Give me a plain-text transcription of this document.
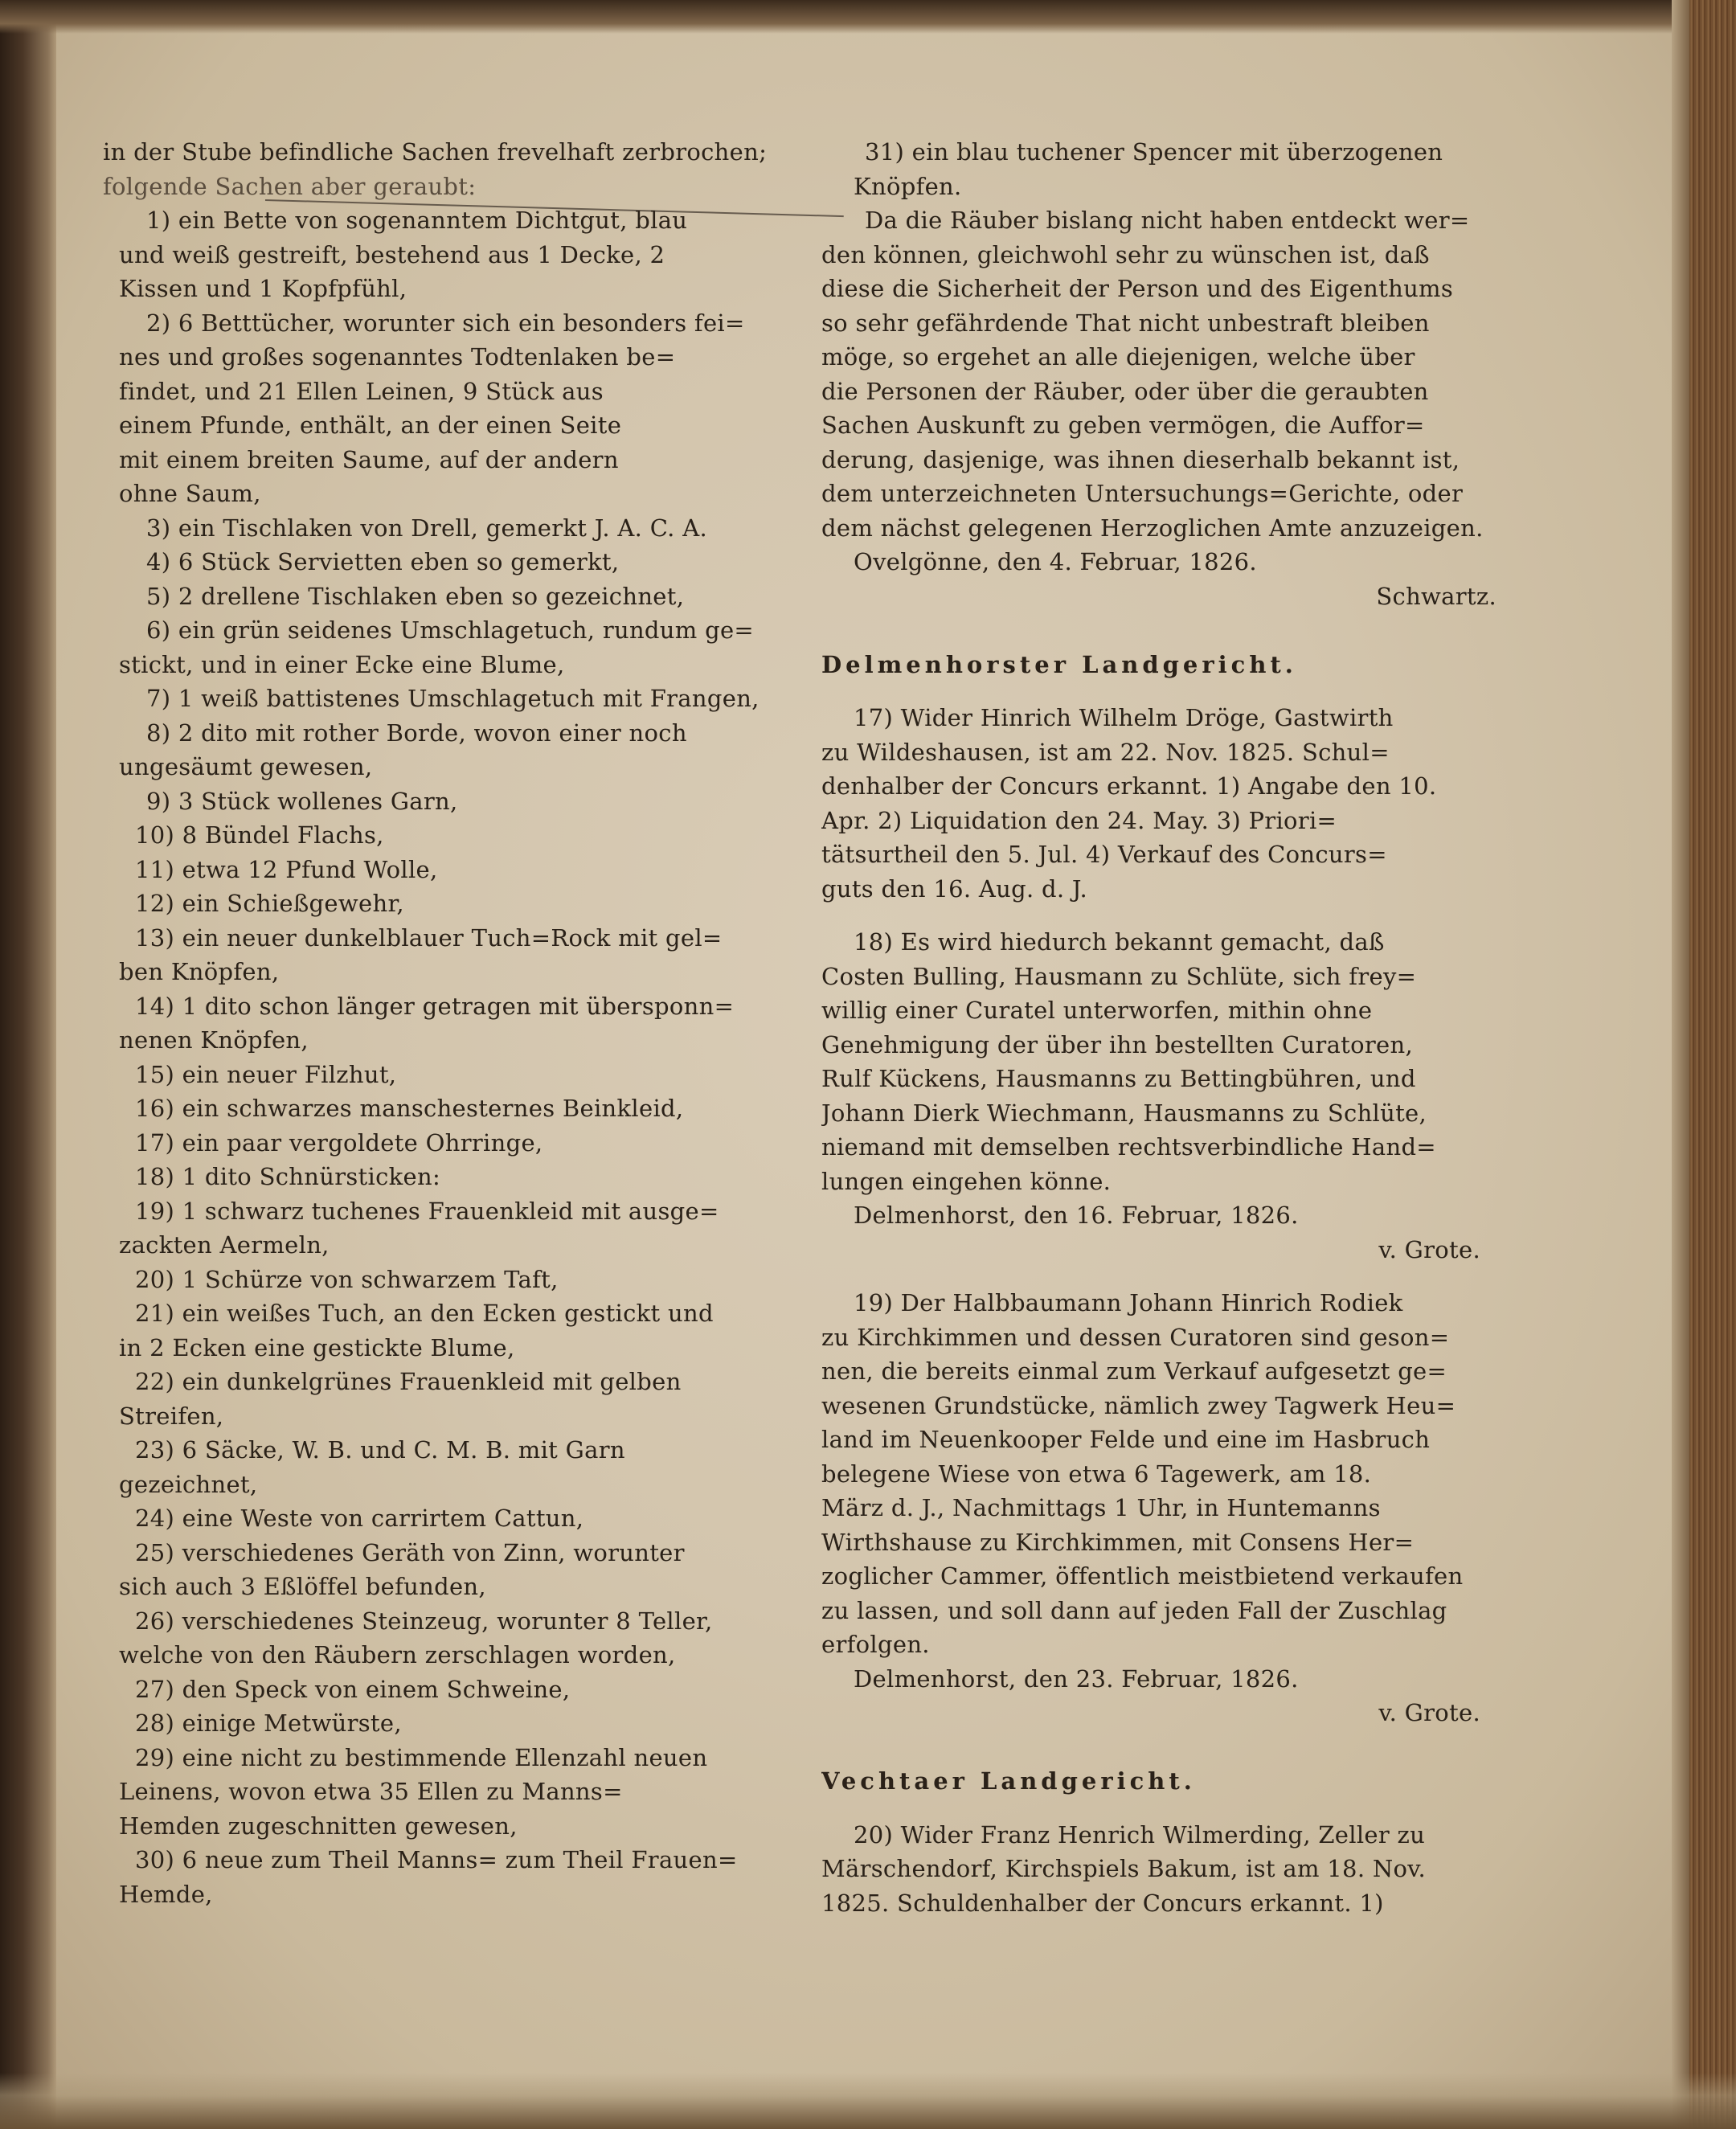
in der Stube befindliche Sachen frevelhaft zerbrochen;
folgende Sachen aber geraubt:
1) ein Bette von sogenanntem Dichtgut, blau
und weiß gestreift, bestehend aus 1 Decke, 2
Kissen und 1 Kopfpfühl,
2) 6 Betttücher, worunter sich ein besonders fei=
nes und großes sogenanntes Todtenlaken be=
findet, und 21 Ellen Leinen, 9 Stück aus
einem Pfunde, enthält, an der einen Seite
mit einem breiten Saume, auf der andern
ohne Saum,
3) ein Tischlaken von Drell, gemerkt J. A. C. A.
4) 6 Stück Servietten eben so gemerkt,
5) 2 drellene Tischlaken eben so gezeichnet,
6) ein grün seidenes Umschlagetuch, rundum ge=
stickt, und in einer Ecke eine Blume,
7) 1 weiß battistenes Umschlagetuch mit Frangen,
8) 2 dito mit rother Borde, wovon einer noch
ungesäumt gewesen,
9) 3 Stück wollenes Garn,
10) 8 Bündel Flachs,
11) etwa 12 Pfund Wolle,
12) ein Schießgewehr,
13) ein neuer dunkelblauer Tuch=Rock mit gel=
ben Knöpfen,
14) 1 dito schon länger getragen mit übersponn=
nenen Knöpfen,
15) ein neuer Filzhut,
16) ein schwarzes manschesternes Beinkleid,
17) ein paar vergoldete Ohrringe,
18) 1 dito Schnürsticken:
19) 1 schwarz tuchenes Frauenkleid mit ausge=
zackten Aermeln,
20) 1 Schürze von schwarzem Taft,
21) ein weißes Tuch, an den Ecken gestickt und
in 2 Ecken eine gestickte Blume,
22) ein dunkelgrünes Frauenkleid mit gelben
Streifen,
23) 6 Säcke, W. B. und C. M. B. mit Garn
gezeichnet,
24) eine Weste von carrirtem Cattun,
25) verschiedenes Geräth von Zinn, worunter
sich auch 3 Eßlöffel befunden,
26) verschiedenes Steinzeug, worunter 8 Teller,
welche von den Räubern zerschlagen worden,
27) den Speck von einem Schweine,
28) einige Metwürste,
29) eine nicht zu bestimmende Ellenzahl neuen
Leinens, wovon etwa 35 Ellen zu Manns=
Hemden zugeschnitten gewesen,
30) 6 neue zum Theil Manns= zum Theil Frauen=
Hemde,
31) ein blau tuchener Spencer mit überzogenen
Knöpfen.
Da die Räuber bislang nicht haben entdeckt wer=
den können, gleichwohl sehr zu wünschen ist, daß
diese die Sicherheit der Person und des Eigenthums
so sehr gefährdende That nicht unbestraft bleiben
möge, so ergehet an alle diejenigen, welche über
die Personen der Räuber, oder über die geraubten
Sachen Auskunft zu geben vermögen, die Auffor=
derung, dasjenige, was ihnen dieserhalb bekannt ist,
dem unterzeichneten Untersuchungs=Gerichte, oder
dem nächst gelegenen Herzoglichen Amte anzuzeigen.
Ovelgönne, den 4. Februar, 1826.
Schwartz.
Delmenhorster Landgericht.
17) Wider Hinrich Wilhelm Dröge, Gastwirth
zu Wildeshausen, ist am 22. Nov. 1825. Schul=
denhalber der Concurs erkannt. 1) Angabe den 10.
Apr. 2) Liquidation den 24. May. 3) Priori=
tätsurtheil den 5. Jul. 4) Verkauf des Concurs=
guts den 16. Aug. d. J.
18) Es wird hiedurch bekannt gemacht, daß
Costen Bulling, Hausmann zu Schlüte, sich frey=
willig einer Curatel unterworfen, mithin ohne
Genehmigung der über ihn bestellten Curatoren,
Rulf Kückens, Hausmanns zu Bettingbühren, und
Johann Dierk Wiechmann, Hausmanns zu Schlüte,
niemand mit demselben rechtsverbindliche Hand=
lungen eingehen könne.
Delmenhorst, den 16. Februar, 1826.
v. Grote.
19) Der Halbbaumann Johann Hinrich Rodiek
zu Kirchkimmen und dessen Curatoren sind geson=
nen, die bereits einmal zum Verkauf aufgesetzt ge=
wesenen Grundstücke, nämlich zwey Tagwerk Heu=
land im Neuenkooper Felde und eine im Hasbruch
belegene Wiese von etwa 6 Tagewerk, am 18.
März d. J., Nachmittags 1 Uhr, in Huntemanns
Wirthshause zu Kirchkimmen, mit Consens Her=
zoglicher Cammer, öffentlich meistbietend verkaufen
zu lassen, und soll dann auf jeden Fall der Zuschlag
erfolgen.
Delmenhorst, den 23. Februar, 1826.
v. Grote.
Vechtaer Landgericht.
20) Wider Franz Henrich Wilmerding, Zeller zu
Märschendorf, Kirchspiels Bakum, ist am 18. Nov.
1825. Schuldenhalber der Concurs erkannt. 1)
